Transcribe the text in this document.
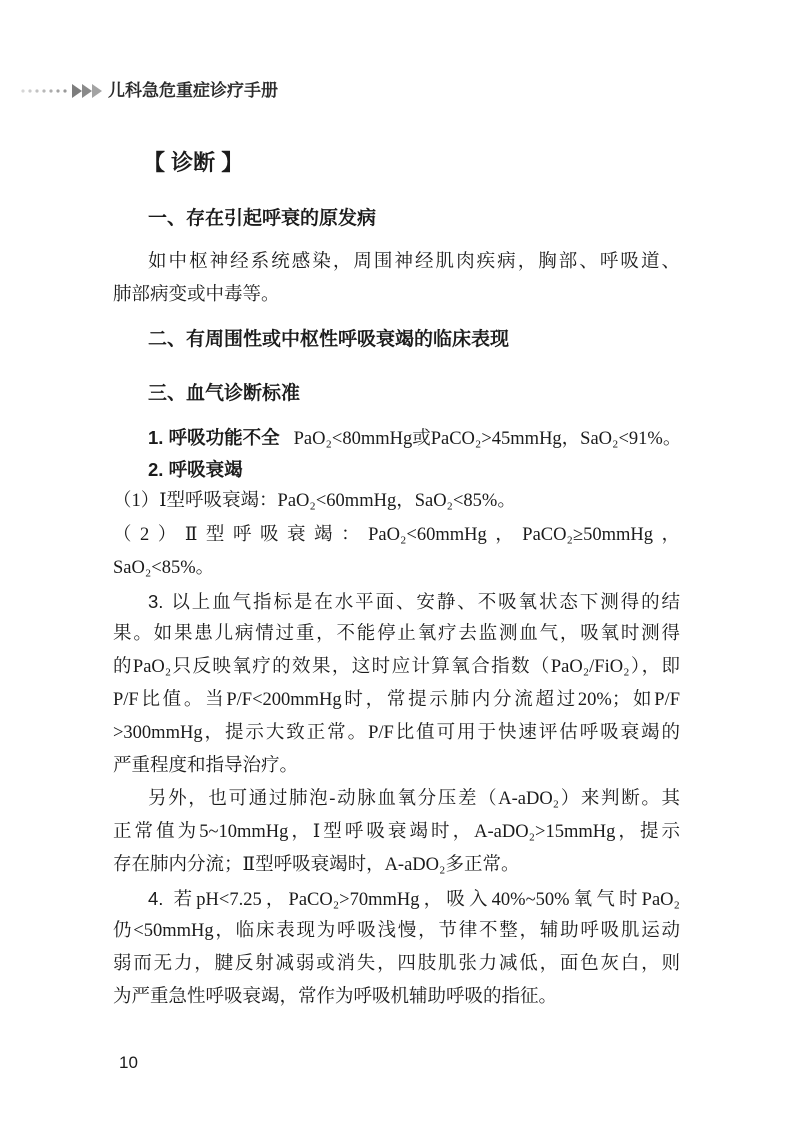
儿科急危重症诊疗手册
【 诊断 】
一、存在引起呼衰的原发病
如中枢神经系统感染，周围神经肌肉疾病，胸部、呼吸道、
肺部病变或中毒等。
二、有周围性或中枢性呼吸衰竭的临床表现
三、血气诊断标准
1. 呼吸功能不全 PaO₂<80mmHg或PaCO₂>45mmHg，SaO₂<91%。
2. 呼吸衰竭
（1）Ⅰ型呼吸衰竭：PaO₂<60mmHg，SaO₂<85%。
（2）Ⅱ型呼吸衰竭：PaO₂<60mmHg，PaCO₂≥50mmHg，
SaO₂<85%。
3. 以上血气指标是在水平面、安静、不吸氧状态下测得的结
果。如果患儿病情过重，不能停止氧疗去监测血气，吸氧时测得
的PaO₂只反映氧疗的效果，这时应计算氧合指数（PaO₂/FiO₂），即
P/F比值。当P/F<200mmHg时，常提示肺内分流超过20%；如P/F
>300mmHg，提示大致正常。P/F比值可用于快速评估呼吸衰竭的
严重程度和指导治疗。
另外，也可通过肺泡-动脉血氧分压差（A-aDO₂）来判断。其
正常值为5~10mmHg，Ⅰ型呼吸衰竭时，A-aDO₂>15mmHg，提示
存在肺内分流；Ⅱ型呼吸衰竭时，A-aDO₂多正常。
4. 若pH<7.25，PaCO₂>70mmHg，吸入40%~50%氧气时PaO₂
仍<50mmHg，临床表现为呼吸浅慢，节律不整，辅助呼吸肌运动
弱而无力，腱反射减弱或消失，四肢肌张力减低，面色灰白，则
为严重急性呼吸衰竭，常作为呼吸机辅助呼吸的指征。
10
